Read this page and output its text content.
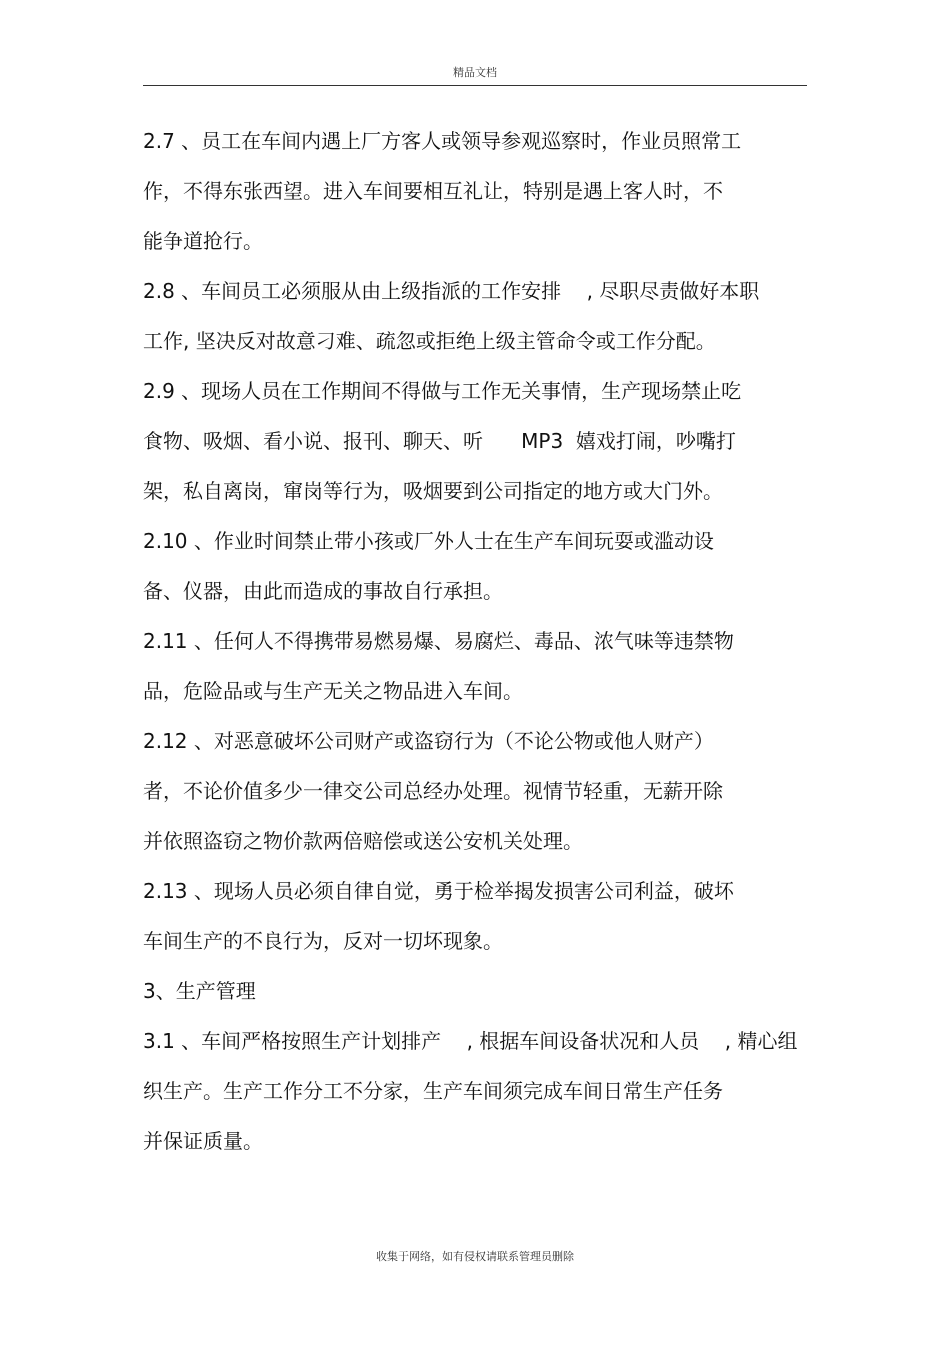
精品文档
2.7 、员工在车间内遇上厂方客人或领导参观巡察时，作业员照常工
作，不得东张西望。进入车间要相互礼让，特别是遇上客人时，不
能争道抢行。
2.8 、车间员工必须服从由上级指派的工作安排    , 尽职尽责做好本职
工作, 坚决反对故意刁难、疏忽或拒绝上级主管命令或工作分配。
2.9 、现场人员在工作期间不得做与工作无关事情，生产现场禁止吃
食物、吸烟、看小说、报刊、聊天、听      MP3  嬉戏打闹，吵嘴打
架，私自离岗，窜岗等行为，吸烟要到公司指定的地方或大门外。
2.10 、作业时间禁止带小孩或厂外人士在生产车间玩耍或滥动设
备、仪器，由此而造成的事故自行承担。
2.11 、任何人不得携带易燃易爆、易腐烂、毒品、浓气味等违禁物
品，危险品或与生产无关之物品进入车间。
2.12 、对恶意破坏公司财产或盗窃行为（不论公物或他人财产）
者，不论价值多少一律交公司总经办处理。视情节轻重，无薪开除
并依照盗窃之物价款两倍赔偿或送公安机关处理。
2.13 、现场人员必须自律自觉，勇于检举揭发损害公司利益，破坏
车间生产的不良行为，反对一切坏现象。
3、生产管理
3.1 、车间严格按照生产计划排产    , 根据车间设备状况和人员    , 精心组
织生产。生产工作分工不分家，生产车间须完成车间日常生产任务
并保证质量。
收集于网络，如有侵权请联系管理员删除
